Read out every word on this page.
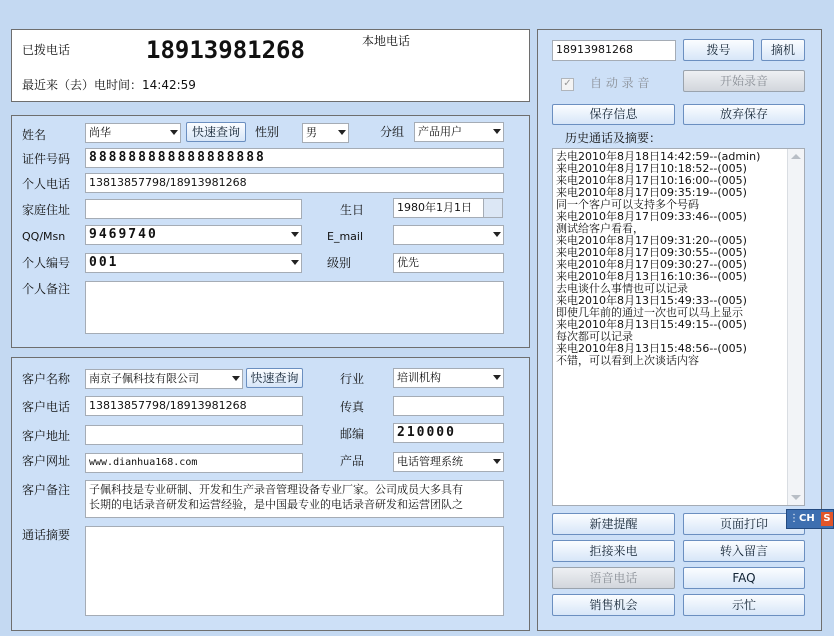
已拨电话	18913981268	本地电话
最近来（去）电时间：14:42:59
姓名	尚华	快速查询	性别	男	分组	产品用户
证件号码	888888888888888888
个人电话	13813857798/18913981268
家庭住址	生日	1980年1月1日
QQ/Msn	9469740	E_mail
个人编号	001	级别	优先
个人备注
客户名称	南京子佩科技有限公司	快速查询	行业	培训机构
客户电话	13813857798/18913981268	传真
客户地址	邮编	210000
客户网址	www.dianhua168.com	产品	电话管理系统
客户备注 子佩科技是专业研制、开发和生产录音管理设备专业厂家。公司成员大多具有
长期的电话录音研发和运营经验，是中国最专业的电话录音研发和运营团队之
通话摘要
18913981268	拨号	摘机
✓ 自 动 录 音	开始录音
保存信息	放弃保存
历史通话及摘要：
去电2010年8月18日14:42:59--(admin)
来电2010年8月17日10:18:52--(005)
来电2010年8月17日10:16:00--(005)
来电2010年8月17日09:35:19--(005)
同一个客户可以支持多个号码
来电2010年8月17日09:33:46--(005)
测试给客户看看，
来电2010年8月17日09:31:20--(005)
来电2010年8月17日09:30:55--(005)
来电2010年8月17日09:30:27--(005)
来电2010年8月13日16:10:36--(005)
去电谈什么事情也可以记录
来电2010年8月13日15:49:33--(005)
即使几年前的通过一次也可以马上显示
来电2010年8月13日15:49:15--(005)
每次都可以记录
来电2010年8月13日15:48:56--(005)
不错，可以看到上次谈话内容
新建提醒	页面打印
拒接来电	转入留言
语音电话	FAQ
销售机会	示忙
⋮ CH S
